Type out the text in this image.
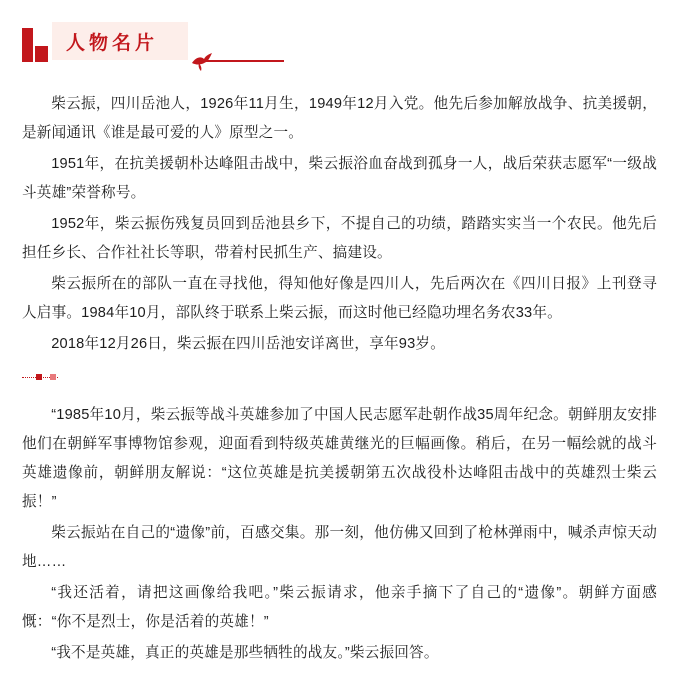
人物名片

柴云振，四川岳池人，1926年11月生，1949年12月入党。他先后参加解放战争、抗美援朝，是新闻通讯《谁是最可爱的人》原型之一。

1951年，在抗美援朝朴达峰阻击战中，柴云振浴血奋战到孤身一人，战后荣获志愿军“一级战斗英雄”荣誉称号。

1952年，柴云振伤残复员回到岳池县乡下，不提自己的功绩，踏踏实实当一个农民。他先后担任乡长、合作社社长等职，带着村民抓生产、搞建设。

柴云振所在的部队一直在寻找他，得知他好像是四川人，先后两次在《四川日报》上刊登寻人启事。1984年10月，部队终于联系上柴云振，而这时他已经隐功埋名务农33年。

2018年12月26日，柴云振在四川岳池安详离世，享年93岁。

“1985年10月，柴云振等战斗英雄参加了中国人民志愿军赴朝作战35周年纪念。朝鲜朋友安排他们在朝鲜军事博物馆参观，迎面看到特级英雄黄继光的巨幅画像。稍后，在另一幅绘就的战斗英雄遗像前，朝鲜朋友解说：“这位英雄是抗美援朝第五次战役朴达峰阻击战中的英雄烈士柴云振！”

柴云振站在自己的“遗像”前，百感交集。那一刻，他仿佛又回到了枪林弹雨中，喊杀声惊天动地……

“我还活着，请把这画像给我吧。”柴云振请求，他亲手摘下了自己的“遗像”。朝鲜方面感慨：“你不是烈士，你是活着的英雄！”

“我不是英雄，真正的英雄是那些牺牲的战友。”柴云振回答。
